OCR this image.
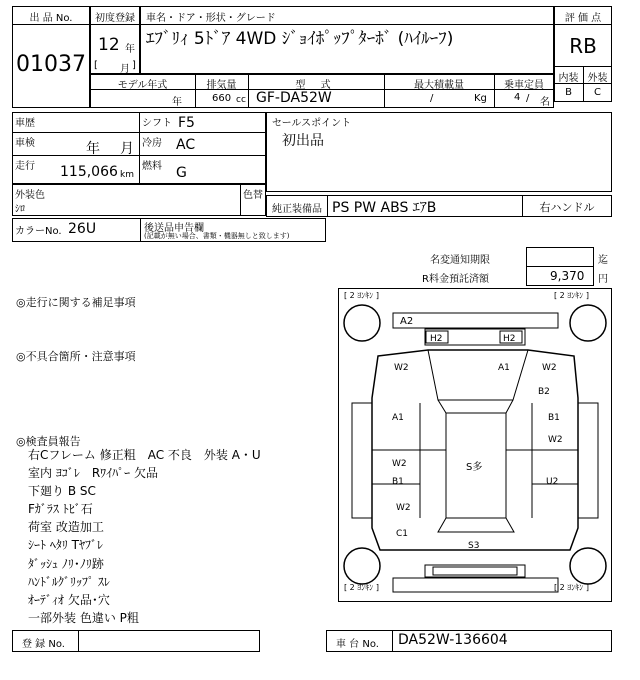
出 品 No.
01037
初度登録
12 年
[ 月 ]
車名・ドア・形状・グレード
ｴﾌﾞﾘｨ 5ﾄﾞｱ 4WD ｼﾞｮｲﾎﾟｯﾌﾟﾀｰﾎﾞ (ﾊｲﾙｰﾌ)
評 価 点
RB
内装 外装
B	C
モデル年式	排気量	型 式	最大積載量	乗車定員
年	660 cc GF-DA52W	/	Kg	4 / 名
車歴
車検	年 月
走行 115,066 km
シフト F5
冷房 AC
燃料 G
セールスポイント
初出品
外装色
ｼﾛ
色替
純正装備品 PS PW ABS ｴｱB	右ハンドル
カラーNo. 26U	後送品申告欄
(記載が無い場合、書類・機器無しと致します)
名変通知期限	迄
R料金預託済額	9,370 円
◎走行に関する補足事項
◎不具合箇所・注意事項
◎検査員報告
右Cフレーム 修正粗　AC 不良　外装 A・U
室内 ﾖｺﾞﾚ　Rﾜｲﾊﾟｰ 欠品
下廻り B SC
Fｶﾞﾗｽ ﾄﾋﾞ石
荷室 改造加工
ｼｰﾄ ﾍﾀﾘ Tﾔﾌﾞﾚ
ﾀﾞｯｼｭ ﾉﾘ･ﾉﾘ跡
ﾊﾝﾄﾞﾙｸﾞﾘｯﾌﾟ ｽﾚ
ｵｰﾃﾞｨｵ 欠品･穴
一部外装 色違い P粗
[ 2 ﾖﾝｷﾝ ]	[ 2 ﾖﾝｷﾝ ]
[ 2 ﾖﾝｷﾝ ]	[ 2 ﾖﾝｷﾝ ]
A2
H2	H2
W2	A1	W2
B2
A1	B1
W2
W2
B1
S多
U2
W2
C1
S3
登 録 No.	車 台 No. DA52W-136604
